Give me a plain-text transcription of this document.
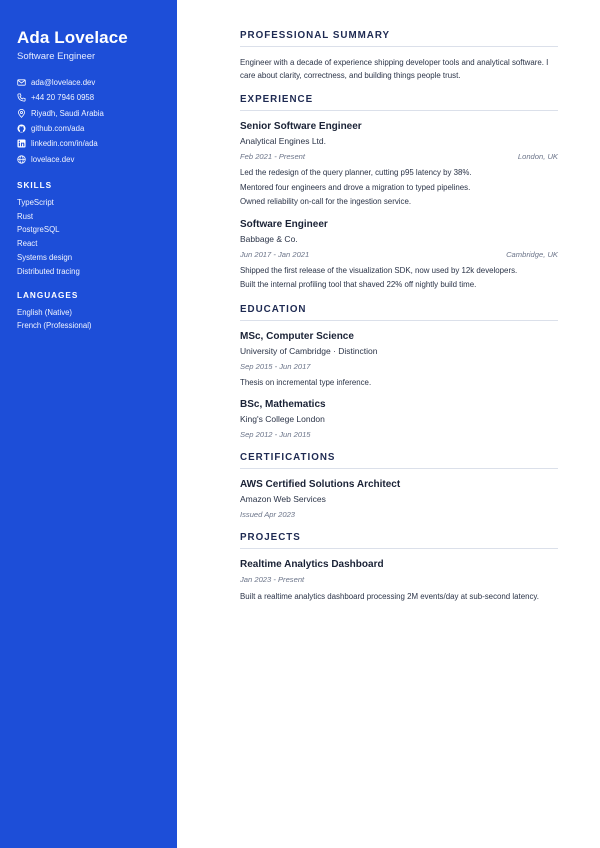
Ada Lovelace
Software Engineer
ada@lovelace.dev
+44 20 7946 0958
Riyadh, Saudi Arabia
github.com/ada
linkedin.com/in/ada
lovelace.dev
SKILLS
TypeScript
Rust
PostgreSQL
React
Systems design
Distributed tracing
LANGUAGES
English (Native)
French (Professional)
PROFESSIONAL SUMMARY

Engineer with a decade of experience shipping developer tools and analytical software. I care about clarity, correctness, and building things people trust.

EXPERIENCE
Senior Software Engineer
Analytical Engines Ltd.
Feb 2021 - Present	London, UK
Led the redesign of the query planner, cutting p95 latency by 38%.
Mentored four engineers and drove a migration to typed pipelines.
Owned reliability on-call for the ingestion service.
Software Engineer
Babbage & Co.
Jun 2017 - Jan 2021	Cambridge, UK
Shipped the first release of the visualization SDK, now used by 12k developers.
Built the internal profiling tool that shaved 22% off nightly build time.
EDUCATION
MSc, Computer Science
University of Cambridge · Distinction
Sep 2015 - Jun 2017
Thesis on incremental type inference.
BSc, Mathematics
King's College London
Sep 2012 - Jun 2015
CERTIFICATIONS
AWS Certified Solutions Architect
Amazon Web Services
Issued Apr 2023
PROJECTS
Realtime Analytics Dashboard
Jan 2023 - Present
Built a realtime analytics dashboard processing 2M events/day at sub-second latency.
